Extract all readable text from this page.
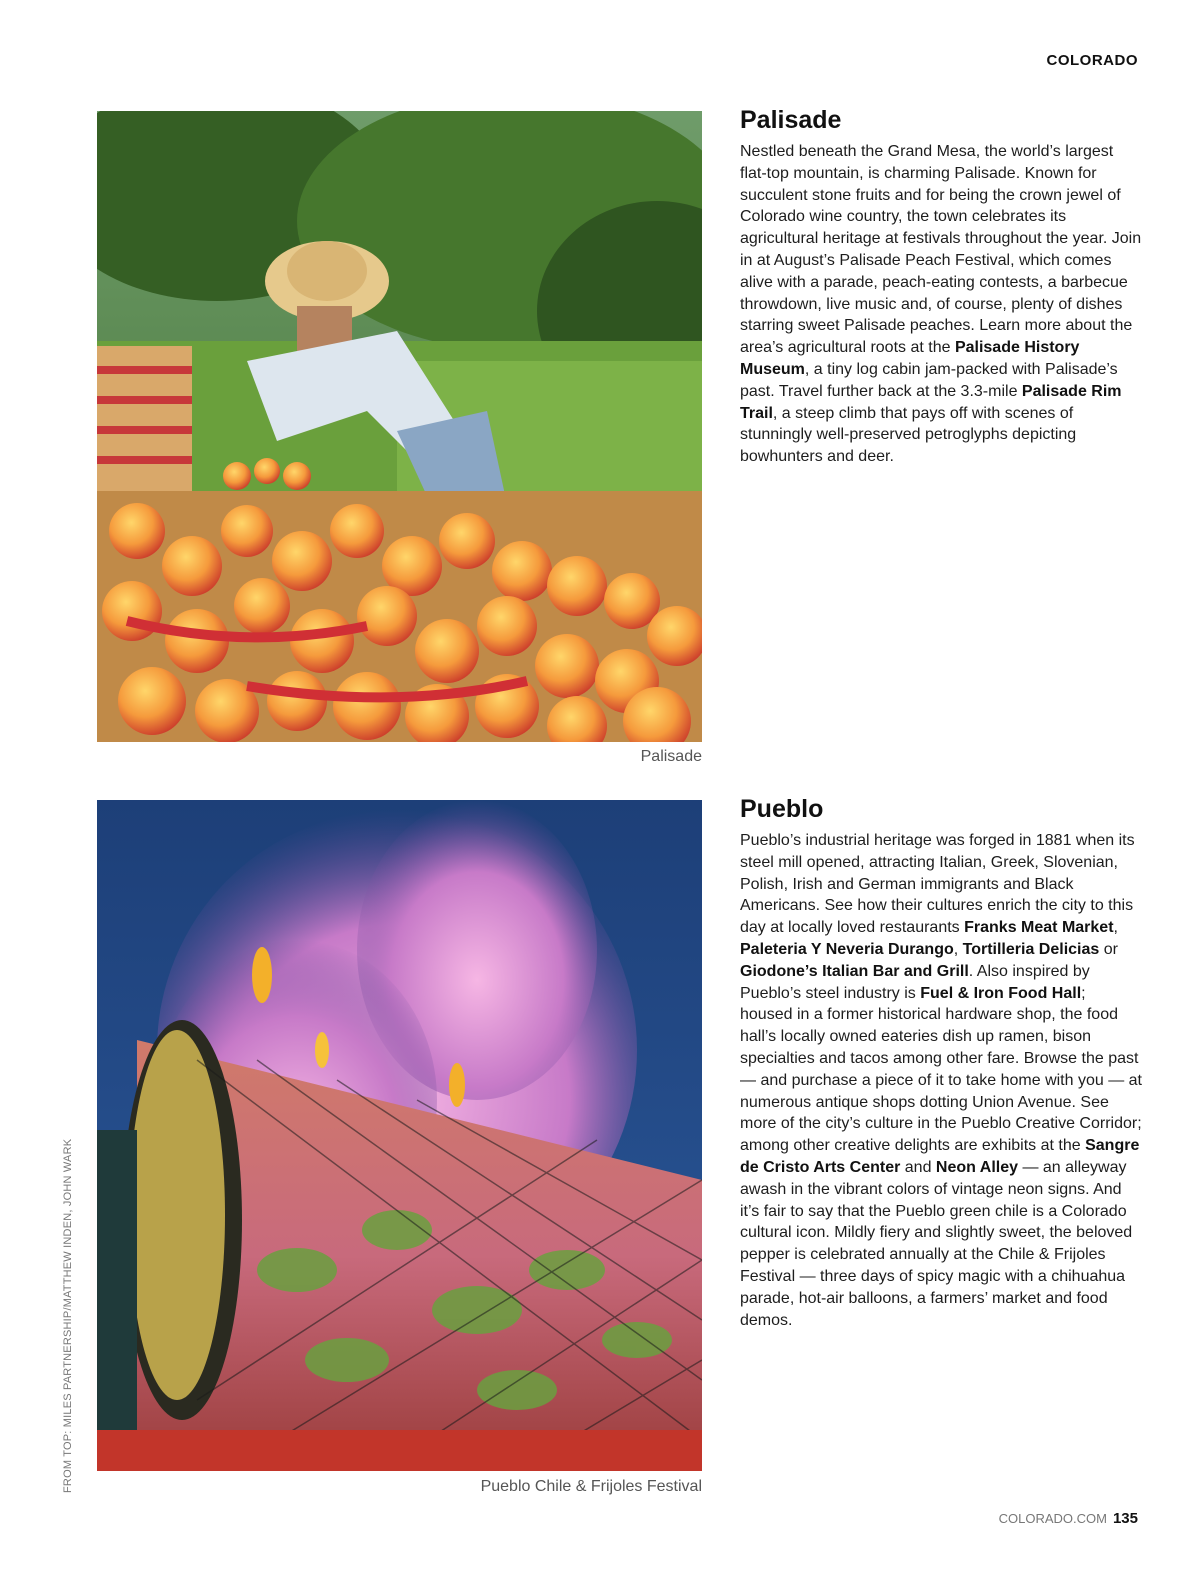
COLORADO
Palisade
Palisade

Nestled beneath the Grand Mesa, the world’s largest flat-top mountain, is charming Palisade. Known for succulent stone fruits and for being the crown jewel of Colorado wine country, the town celebrates its agricultural heritage at festivals throughout the year. Join in at August’s Palisade Peach Festival, which comes alive with a parade, peach-eating contests, a barbecue throwdown, live music and, of course, plenty of dishes starring sweet Palisade peaches. Learn more about the area’s agricultural roots at the Palisade History Museum, a tiny log cabin jam-packed with Palisade’s past. Travel further back at the 3.3-mile Palisade Rim Trail, a steep climb that pays off with scenes of stunningly well-preserved petroglyphs depicting bowhunters and deer.

Pueblo Chile & Frijoles Festival
Pueblo

Pueblo’s industrial heritage was forged in 1881 when its steel mill opened, attracting Italian, Greek, Slovenian, Polish, Irish and German immigrants and Black Americans. See how their cultures enrich the city to this day at locally loved restaurants Franks Meat Market, Paleteria Y Neveria Durango, Tortilleria Delicias or Giodone’s Italian Bar and Grill. Also inspired by Pueblo’s steel industry is Fuel & Iron Food Hall; housed in a former historical hardware shop, the food hall’s locally owned eateries dish up ramen, bison specialties and tacos among other fare. Browse the past — and purchase a piece of it to take home with you — at numerous antique shops dotting Union Avenue. See more of the city’s culture in the Pueblo Creative Corridor; among other creative delights are exhibits at the Sangre de Cristo Arts Center and Neon Alley — an alleyway awash in the vibrant colors of vintage neon signs. And it’s fair to say that the Pueblo green chile is a Colorado cultural icon. Mildly fiery and slightly sweet, the beloved pepper is celebrated annually at the Chile & Frijoles Festival — three days of spicy magic with a chihuahua parade, hot-air balloons, a farmers’ market and food demos.

FROM TOP: MILES PARTNERSHIP/MATTHEW INDEN, JOHN WARK
COLORADO.COM 135
